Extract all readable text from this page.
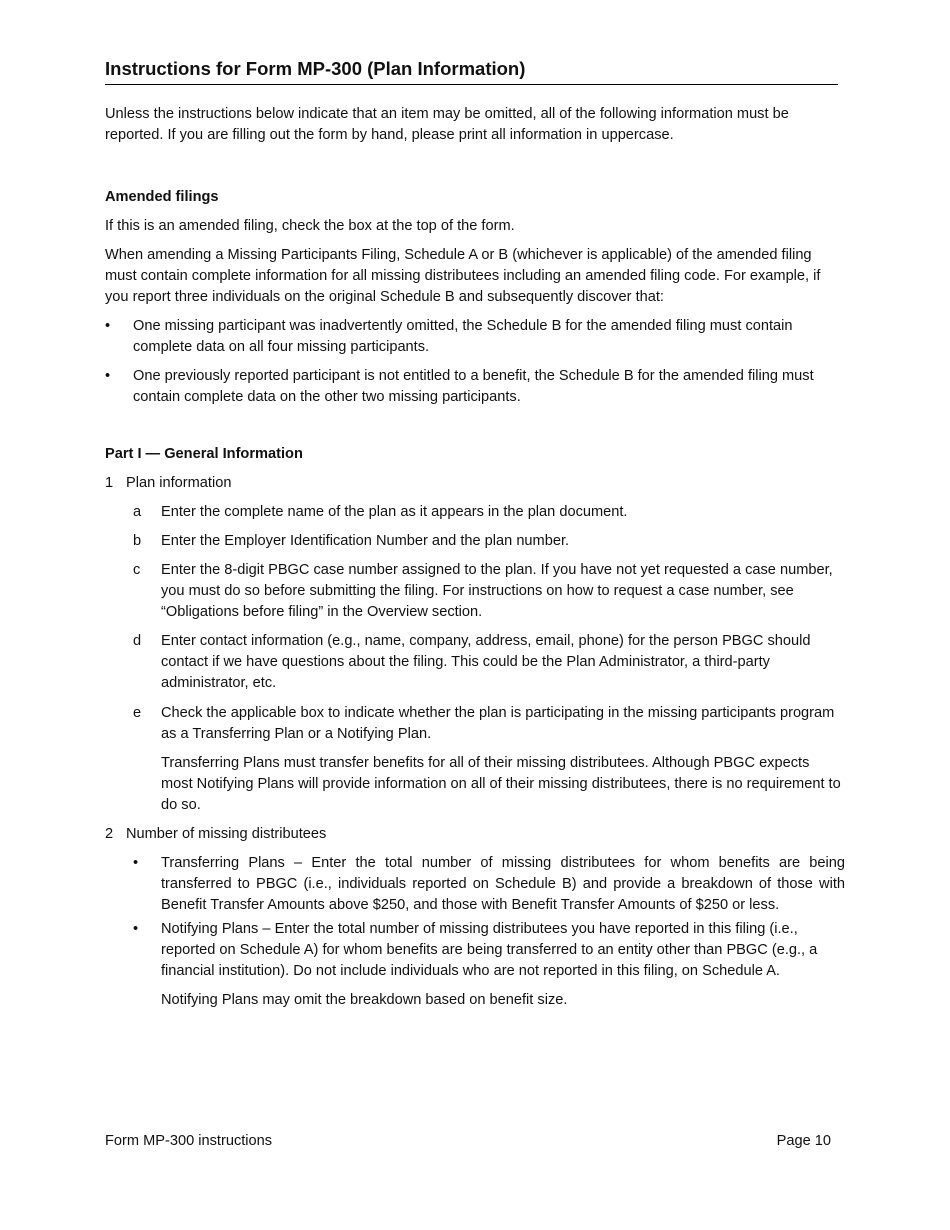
Instructions for Form MP-300 (Plan Information)

Unless the instructions below indicate that an item may be omitted, all of the following information must be reported. If you are filling out the form by hand, please print all information in uppercase.

Amended filings

If this is an amended filing, check the box at the top of the form.

When amending a Missing Participants Filing, Schedule A or B (whichever is applicable) of the amended filing must contain complete information for all missing distributees including an amended filing code. For example, if you report three individuals on the original Schedule B and subsequently discover that:

• One missing participant was inadvertently omitted, the Schedule B for the amended filing must contain complete data on all four missing participants.
• One previously reported participant is not entitled to a benefit, the Schedule B for the amended filing must contain complete data on the other two missing participants.

Part I — General Information

1 Plan information
a Enter the complete name of the plan as it appears in the plan document.
b Enter the Employer Identification Number and the plan number.
c Enter the 8-digit PBGC case number assigned to the plan. If you have not yet requested a case number, you must do so before submitting the filing. For instructions on how to request a case number, see “Obligations before filing” in the Overview section.
d Enter contact information (e.g., name, company, address, email, phone) for the person PBGC should contact if we have questions about the filing. This could be the Plan Administrator, a third-party administrator, etc.
e Check the applicable box to indicate whether the plan is participating in the missing participants program as a Transferring Plan or a Notifying Plan.

Transferring Plans must transfer benefits for all of their missing distributees. Although PBGC expects most Notifying Plans will provide information on all of their missing distributees, there is no requirement to do so.

2 Number of missing distributees
• Transferring Plans – Enter the total number of missing distributees for whom benefits are being transferred to PBGC (i.e., individuals reported on Schedule B) and provide a breakdown of those with Benefit Transfer Amounts above $250, and those with Benefit Transfer Amounts of $250 or less.
• Notifying Plans – Enter the total number of missing distributees you have reported in this filing (i.e., reported on Schedule A) for whom benefits are being transferred to an entity other than PBGC (e.g., a financial institution). Do not include individuals who are not reported in this filing, on Schedule A.

Notifying Plans may omit the breakdown based on benefit size.

Form MP-300 instructions	Page 10
